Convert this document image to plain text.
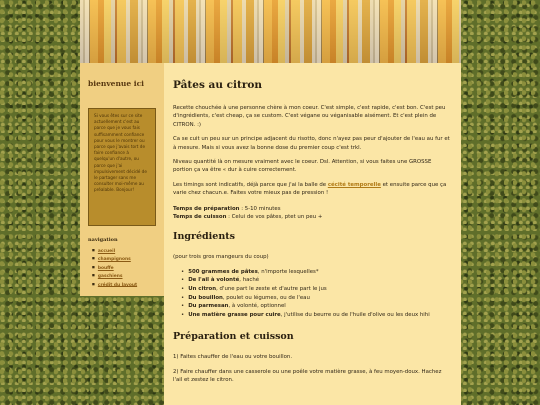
bienvenue ici
Si vous êtes sur ce site actuellement c'est au parce que je vous fais suffisamment confiance pour vous le montrer ou parce que j'avais tort de faire confiance à quelqu'un d'autre, ou parce que j'ai impulsivement décidé de le partager sans me consulter moi-même au préalable. Bonjour!
navigation
■ accueil
■ champignons
■ bouffe
■ gaschiens
■ crédit du layout
Pâtes au citron

Recette chouchée à une personne chère à mon coeur. C'est simple, c'est rapide, c'est bon. C'est peu d'ingrédients, c'est cheap, ça se custom. C'est végane ou véganisable aisément. Et c'est plein de CITRON. :)

Ca se cuit un peu sur un principe adjacent du risotto, donc n'ayez pas peur d'ajouter de l'eau au fur et à mesure. Mais si vous avez la bonne dose du premier coup c'est trkl.

Niveau quantité là on mesure vraiment avec le coeur. Dsl. Attention, si vous faites une GROSSE portion ça va être « dur à cuire correctement.

Les timings sont indicatifs, déjà parce que j'ai la balle de cécité temporelle et ensuite parce que ça varie chez chacun.e. Faites votre mieux pas de pression !

Temps de préparation : 5-10 minutes
Temps de cuisson : Celui de vos pâtes, ptet un peu +

Ingrédients

(pour trois gros mangeurs du coup)

• 500 grammes de pâtes, n'importe lesquelles*
• De l'ail à volonté, haché
• Un citron, d'une part le zeste et d'autre part le jus
• Du bouillon, poulet ou légumes, ou de l'eau
• Du parmesan, à volonté, optionnel
• Une matière grasse pour cuire, j'utilise du beurre ou de l'huile d'olive ou les deux hihi
Préparation et cuisson

1) Faites chauffer de l'eau ou votre bouillon.

2) Faire chauffer dans une casserole ou une poêle votre matière grasse, à feu moyen-doux. Hachez l'ail et zestez le citron.
